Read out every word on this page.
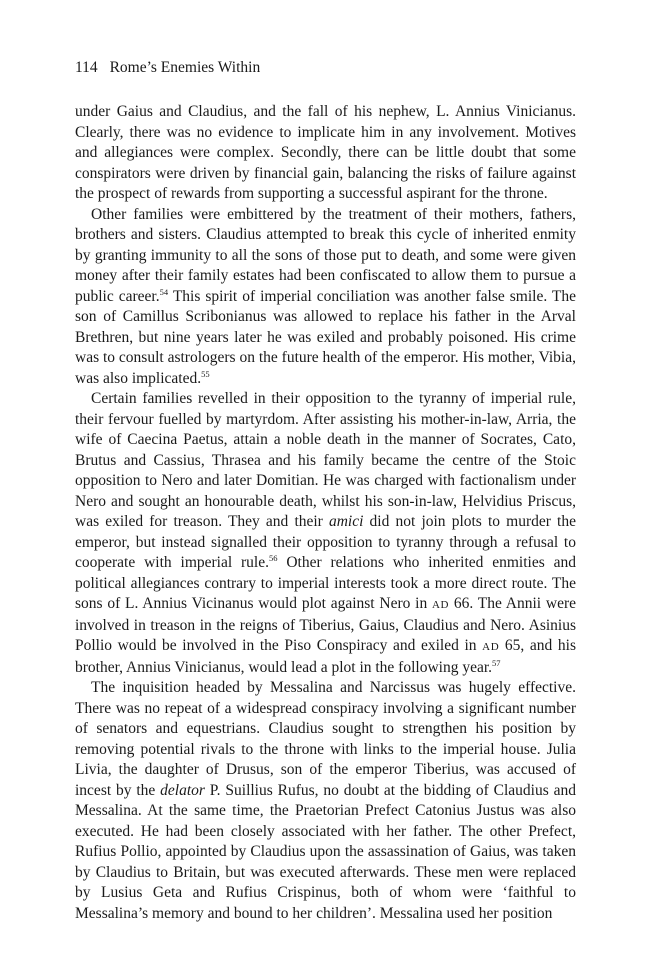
114 Rome’s Enemies Within

under Gaius and Claudius, and the fall of his nephew, L. Annius Vinicianus. Clearly, there was no evidence to implicate him in any involvement. Motives and allegiances were complex. Secondly, there can be little doubt that some conspirators were driven by financial gain, balancing the risks of failure against the prospect of rewards from supporting a successful aspirant for the throne.

Other families were embittered by the treatment of their mothers, fathers, brothers and sisters. Claudius attempted to break this cycle of inherited enmity by granting immunity to all the sons of those put to death, and some were given money after their family estates had been confiscated to allow them to pursue a public career.$^{54}$ This spirit of imperial conciliation was another false smile. The son of Camillus Scribonianus was allowed to replace his father in the Arval Brethren, but nine years later he was exiled and probably poisoned. His crime was to consult astrologers on the future health of the emperor. His mother, Vibia, was also implicated.$^{55}$

Certain families revelled in their opposition to the tyranny of imperial rule, their fervour fuelled by martyrdom. After assisting his mother-in-law, Arria, the wife of Caecina Paetus, attain a noble death in the manner of Socrates, Cato, Brutus and Cassius, Thrasea and his family became the centre of the Stoic opposition to Nero and later Domitian. He was charged with factionalism under Nero and sought an honourable death, whilst his son-in-law, Helvidius Priscus, was exiled for treason. They and their amici did not join plots to murder the emperor, but instead signalled their opposition to tyranny through a refusal to cooperate with imperial rule.$^{56}$ Other relations who inherited enmities and political allegiances contrary to imperial interests took a more direct route. The sons of L. Annius Vicinanus would plot against Nero in AD 66. The Annii were involved in treason in the reigns of Tiberius, Gaius, Claudius and Nero. Asinius Pollio would be involved in the Piso Conspiracy and exiled in AD 65, and his brother, Annius Vinicianus, would lead a plot in the following year.$^{57}$

The inquisition headed by Messalina and Narcissus was hugely effective. There was no repeat of a widespread conspiracy involving a significant number of senators and equestrians. Claudius sought to strengthen his position by removing potential rivals to the throne with links to the imperial house. Julia Livia, the daughter of Drusus, son of the emperor Tiberius, was accused of incest by the delator P. Suillius Rufus, no doubt at the bidding of Claudius and Messalina. At the same time, the Praetorian Prefect Catonius Justus was also executed. He had been closely associated with her father. The other Prefect, Rufius Pollio, appointed by Claudius upon the assassination of Gaius, was taken by Claudius to Britain, but was executed afterwards. These men were replaced by Lusius Geta and Rufius Crispinus, both of whom were ‘faithful to Messalina’s memory and bound to her children’. Messalina used her position
